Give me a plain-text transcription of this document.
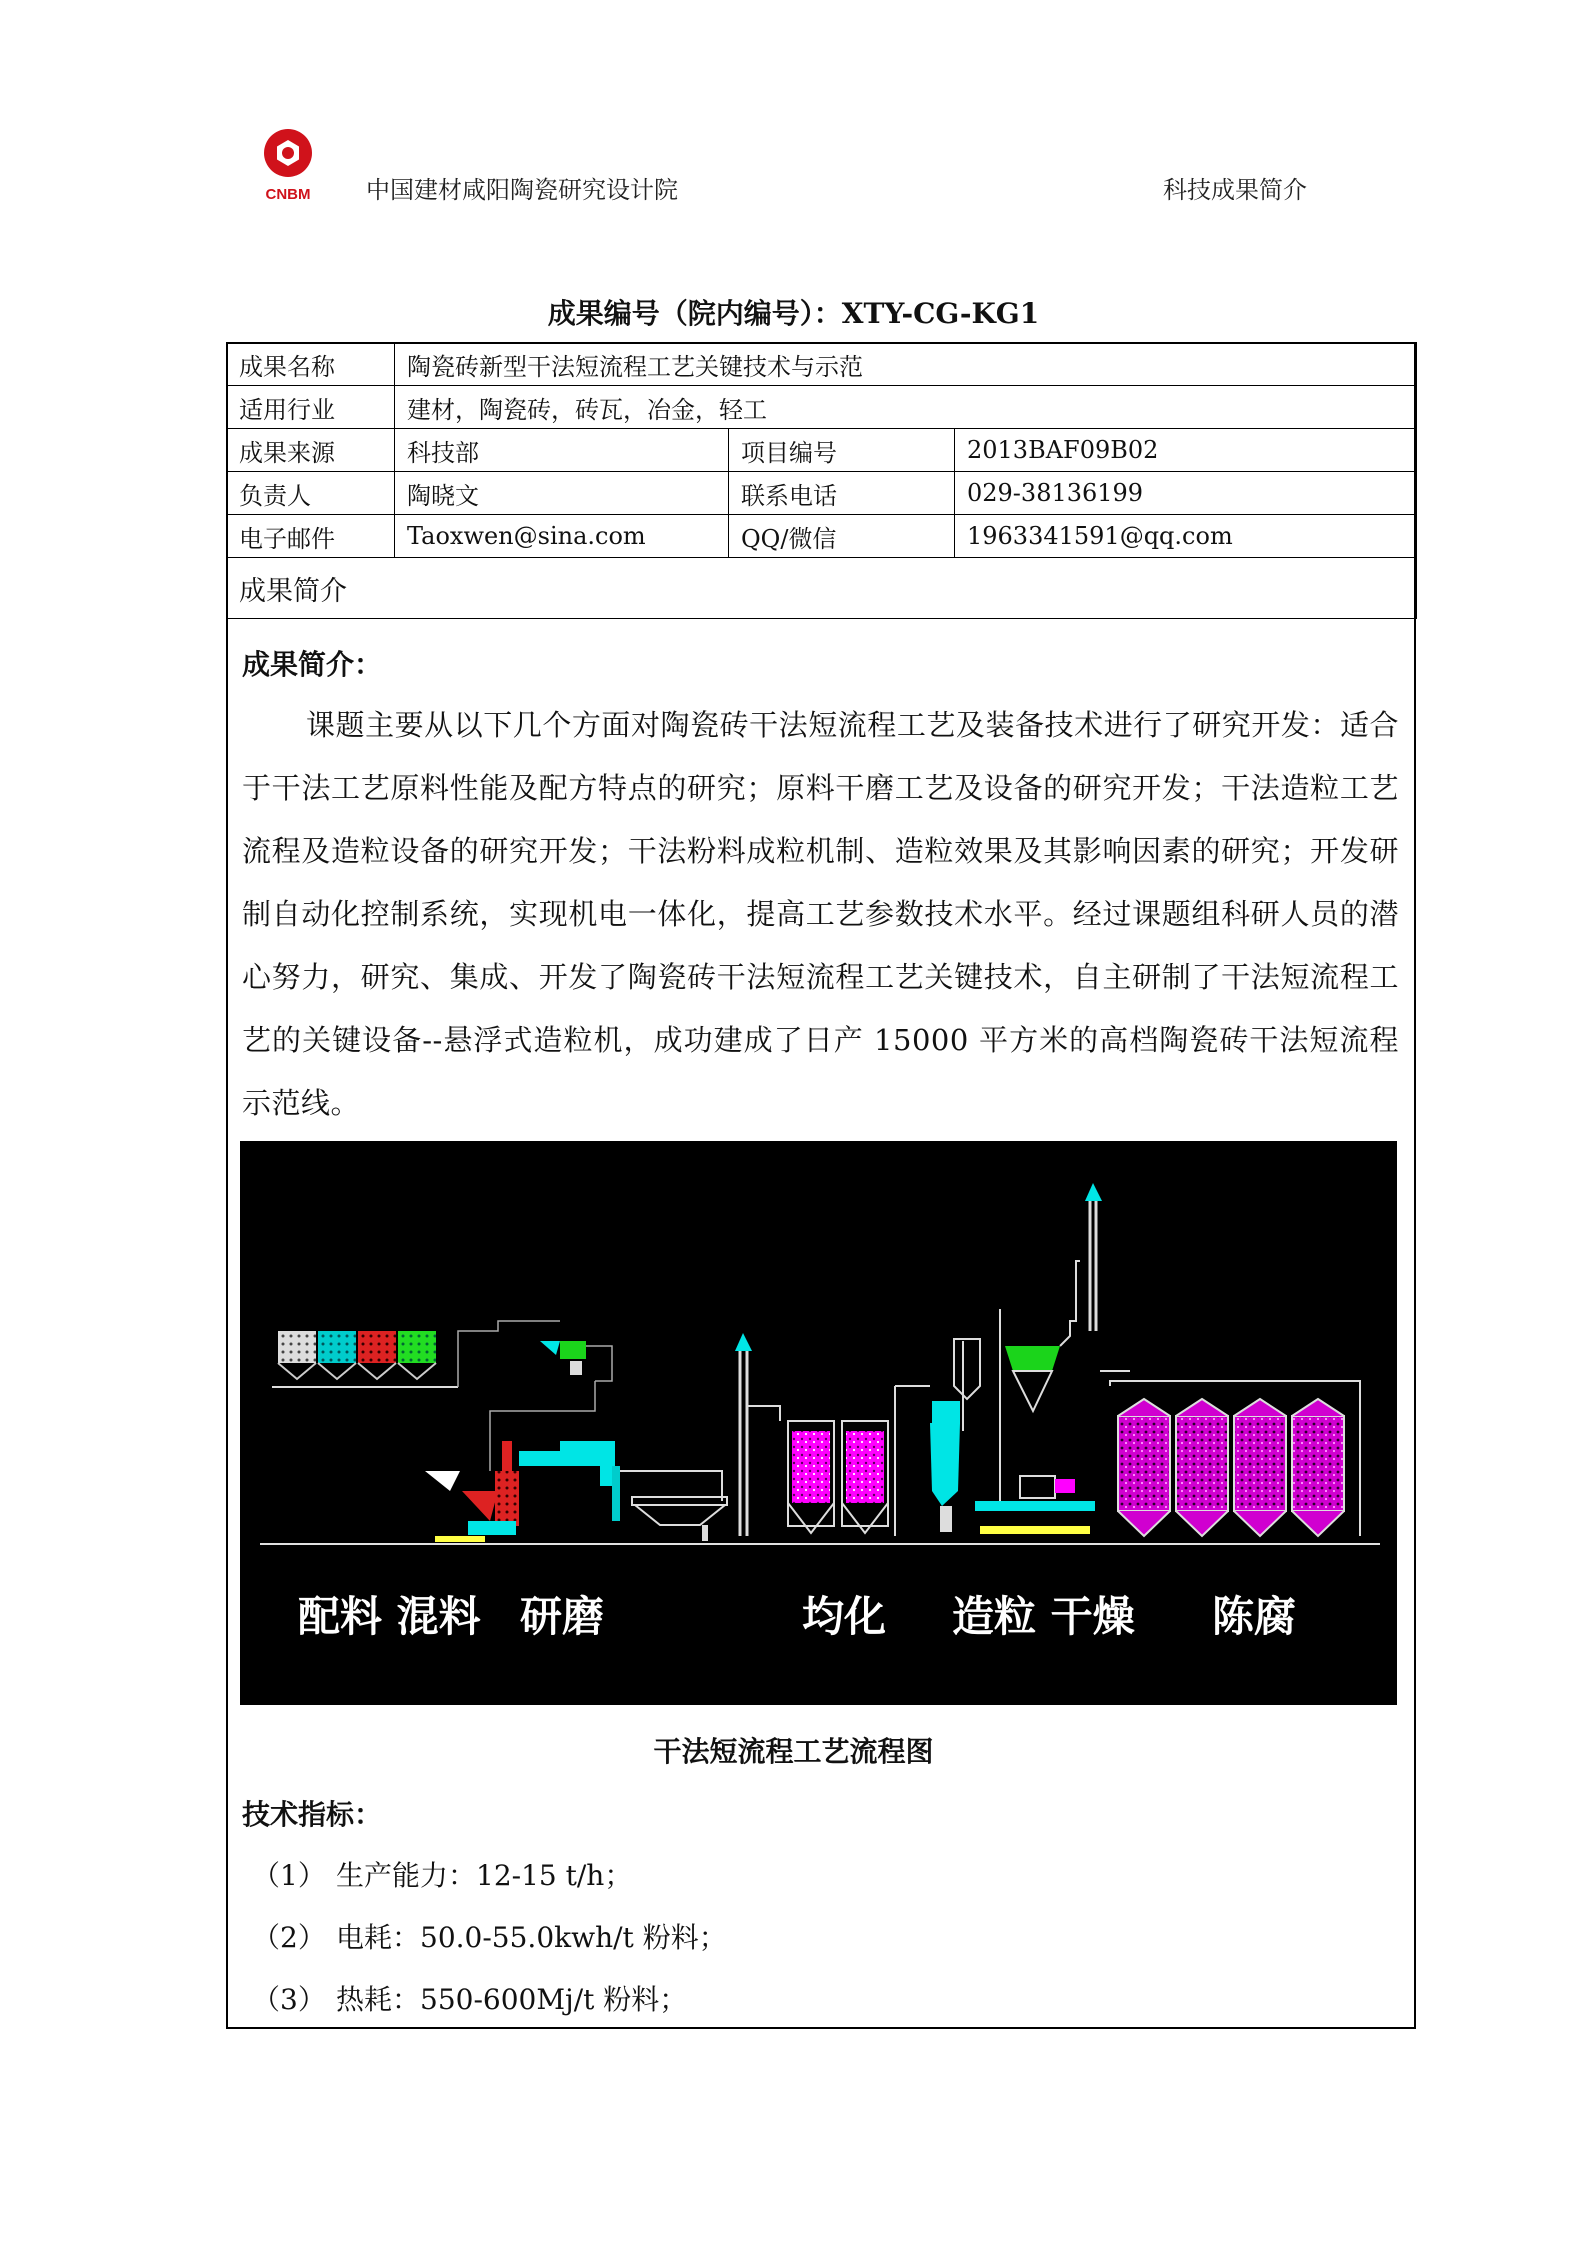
CNBM 中国建材咸阳陶瓷研究设计院	科技成果简介
成果编号（院内编号）：XTY-CG-KG1
成果名称	陶瓷砖新型干法短流程工艺关键技术与示范		
适用行业	建材，陶瓷砖，砖瓦，冶金，轻工		
成果来源	科技部	项目编号	2013BAF09B02
负责人	陶晓文	联系电话	029-38136199
电子邮件	Taoxwen@sina.com	QQ/微信	1963341591@qq.com
成果简介			
成果简介：
课题主要从以下几个方面对陶瓷砖干法短流程工艺及装备技术进行了研究开发：适合于干法工艺原料性能及配方特点的研究；原料干磨工艺及设备的研究开发；干法造粒工艺流程及造粒设备的研究开发；干法粉料成粒机制、造粒效果及其影响因素的研究；开发研制自动化控制系统，实现机电一体化，提高工艺参数技术水平。经过课题组科研人员的潜心努力，研究、集成、开发了陶瓷砖干法短流程工艺关键技术，自主研制了干法短流程工艺的关键设备--悬浮式造粒机，成功建成了日产 15000 平方米的高档陶瓷砖干法短流程示范线。
配料 混料 研磨	均化 造粒 干燥 陈腐
干法短流程工艺流程图
技术指标：
（1） 生产能力：12-15 t/h；
（2） 电耗：50.0-55.0kwh/t 粉料；
（3） 热耗：550-600Mj/t 粉料；
